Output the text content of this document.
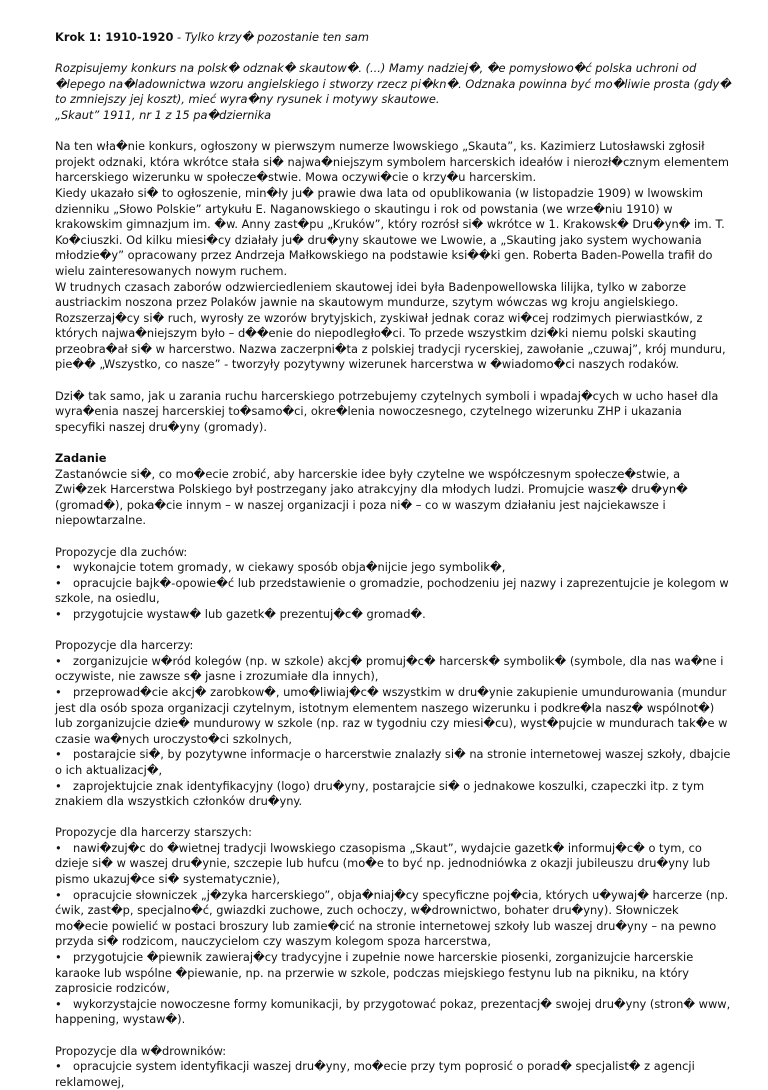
Krok 1: 1910-1920 - Tylko krzy� pozostanie ten sam

Rozpisujemy konkurs na polsk� odznak� skautow�. (...) Mamy nadziej�, �e pomysłowo�ć polska uchroni od �lepego na�ladownictwa wzoru angielskiego i stworzy rzecz pi�kn�. Odznaka powinna być mo�liwie prosta (gdy� to zmniejszy jej koszt), mieć wyra�ny rysunek i motywy skautowe.
„Skaut” 1911, nr 1 z 15 pa�dziernika

Na ten wła�nie konkurs, ogłoszony w pierwszym numerze lwowskiego „Skauta”, ks. Kazimierz Lutosławski zgłosił projekt odznaki, która wkrótce stała si� najwa�niejszym symbolem harcerskich ideałów i nierozł�cznym elementem harcerskiego wizerunku w społecze�stwie. Mowa oczywi�cie o krzy�u harcerskim.
Kiedy ukazało si� to ogłoszenie, min�ły ju� prawie dwa lata od opublikowania (w listopadzie 1909) w lwowskim dzienniku „Słowo Polskie” artykułu E. Naganowskiego o skautingu i rok od powstania (we wrze�niu 1910) w krakowskim gimnazjum im. �w. Anny zast�pu „Kruków”, który rozrósł si� wkrótce w 1. Krakowsk� Dru�yn� im. T. Ko�ciuszki. Od kilku miesi�cy działały ju� dru�yny skautowe we Lwowie, a „Skauting jako system wychowania młodzie�y” opracowany przez Andrzeja Małkowskiego na podstawie ksi��ki gen. Roberta Baden-Powella trafił do wielu zainteresowanych nowym ruchem.
W trudnych czasach zaborów odzwierciedleniem skautowej idei była Badenpowellowska lilijka, tylko w zaborze austriackim noszona przez Polaków jawnie na skautowym mundurze, szytym wówczas wg kroju angielskiego. Rozszerzaj�cy si� ruch, wyrosły ze wzorów brytyjskich, zyskiwał jednak coraz wi�cej rodzimych pierwiastków, z których najwa�niejszym było – d��enie do niepodległo�ci. To przede wszystkim dzi�ki niemu polski skauting przeobra�ał si� w harcerstwo. Nazwa zaczerpni�ta z polskiej tradycji rycerskiej, zawołanie „czuwaj”, krój munduru, pie�� „Wszystko, co nasze” - tworzyły pozytywny wizerunek harcerstwa w �wiadomo�ci naszych rodaków.

Dzi� tak samo, jak u zarania ruchu harcerskiego potrzebujemy czytelnych symboli i wpadaj�cych w ucho haseł dla wyra�enia naszej harcerskiej to�samo�ci, okre�lenia nowoczesnego, czytelnego wizerunku ZHP i ukazania specyfiki naszej dru�yny (gromady).

Zadanie
Zastanówcie si�, co mo�ecie zrobić, aby harcerskie idee były czytelne we współczesnym społecze�stwie, a Zwi�zek Harcerstwa Polskiego był postrzegany jako atrakcyjny dla młodych ludzi. Promujcie wasz� dru�yn� (gromad�), poka�cie innym – w naszej organizacji i poza ni� – co w waszym działaniu jest najciekawsze i niepowtarzalne.

Propozycje dla zuchów:
• wykonajcie totem gromady, w ciekawy sposób obja�nijcie jego symbolik�,
• opracujcie bajk�-opowie�ć lub przedstawienie o gromadzie, pochodzeniu jej nazwy i zaprezentujcie je kolegom w szkole, na osiedlu,
• przygotujcie wystaw� lub gazetk� prezentuj�c� gromad�.

Propozycje dla harcerzy:
• zorganizujcie w�ród kolegów (np. w szkole) akcj� promuj�c� harcersk� symbolik� (symbole, dla nas wa�ne i oczywiste, nie zawsze s� jasne i zrozumiałe dla innych),
• przeprowad�cie akcj� zarobkow�, umo�liwiaj�c� wszystkim w dru�ynie zakupienie umundurowania (mundur jest dla osób spoza organizacji czytelnym, istotnym elementem naszego wizerunku i podkre�la nasz� wspólnot�) lub zorganizujcie dzie� mundurowy w szkole (np. raz w tygodniu czy miesi�cu), wyst�pujcie w mundurach tak�e w czasie wa�nych uroczysto�ci szkolnych,
• postarajcie si�, by pozytywne informacje o harcerstwie znalazły si� na stronie internetowej waszej szkoły, dbajcie o ich aktualizacj�,
• zaprojektujcie znak identyfikacyjny (logo) dru�yny, postarajcie si� o jednakowe koszulki, czapeczki itp. z tym znakiem dla wszystkich członków dru�yny.

Propozycje dla harcerzy starszych:
• nawi�zuj�c do �wietnej tradycji lwowskiego czasopisma „Skaut”, wydajcie gazetk� informuj�c� o tym, co dzieje si� w waszej dru�ynie, szczepie lub hufcu (mo�e to być np. jednodniówka z okazji jubileuszu dru�yny lub pismo ukazuj�ce si� systematycznie),
• opracujcie słowniczek „j�zyka harcerskiego”, obja�niaj�cy specyficzne poj�cia, których u�ywaj� harcerze (np. ćwik, zast�p, specjalno�ć, gwiazdki zuchowe, zuch ochoczy, w�drownictwo, bohater dru�yny). Słowniczek mo�ecie powielić w postaci broszury lub zamie�cić na stronie internetowej szkoły lub waszej dru�yny – na pewno przyda si� rodzicom, nauczycielom czy waszym kolegom spoza harcerstwa,
• przygotujcie �piewnik zawieraj�cy tradycyjne i zupełnie nowe harcerskie piosenki, zorganizujcie harcerskie karaoke lub wspólne �piewanie, np. na przerwie w szkole, podczas miejskiego festynu lub na pikniku, na który zaprosicie rodziców,
• wykorzystajcie nowoczesne formy komunikacji, by przygotować pokaz, prezentacj� swojej dru�yny (stron� www, happening, wystaw�).

Propozycje dla w�drowników:
• opracujcie system identyfikacji waszej dru�yny, mo�ecie przy tym poprosić o porad� specjalist� z agencji reklamowej,
